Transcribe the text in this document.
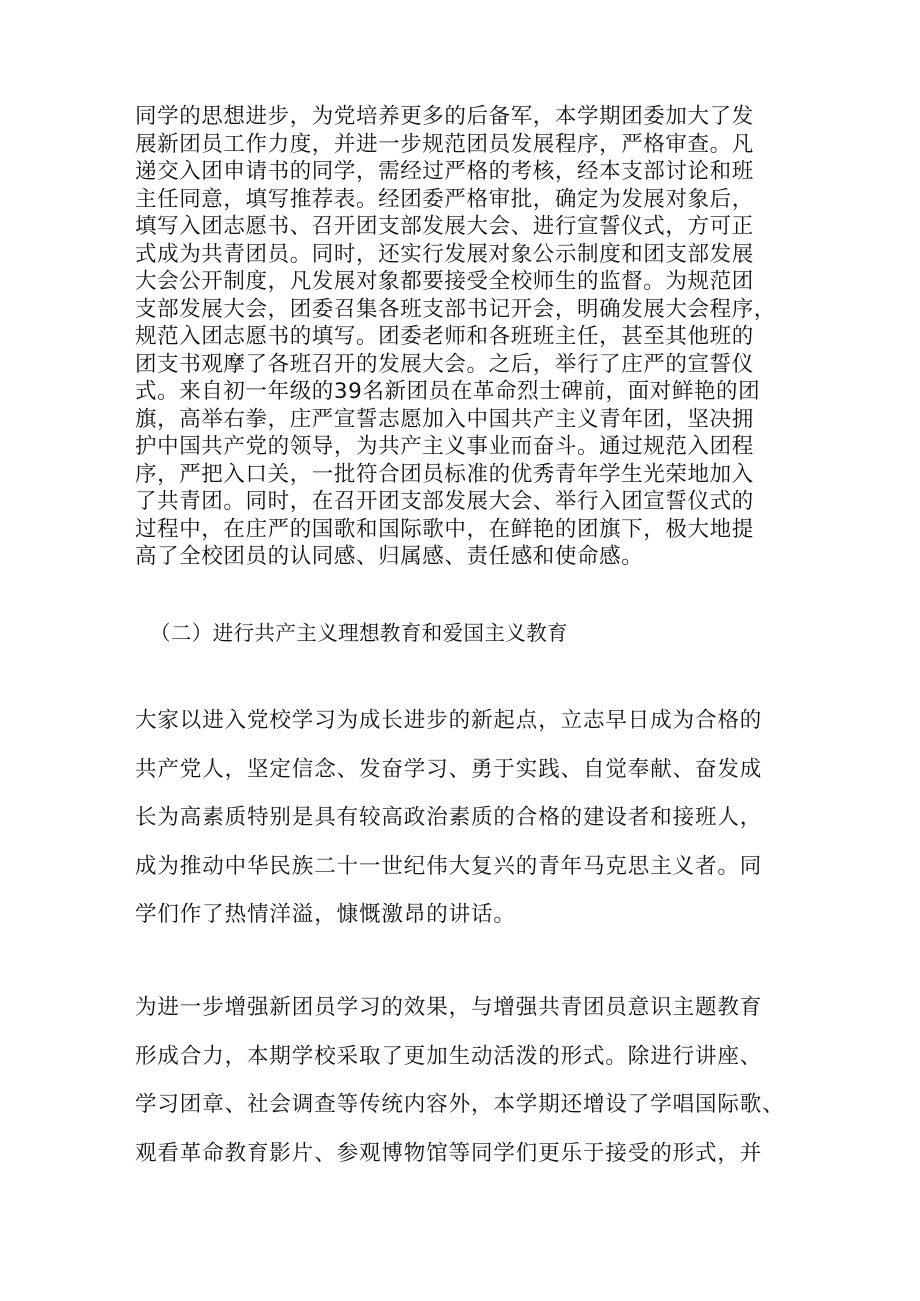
同学的思想进步，为党培养更多的后备军，本学期团委加大了发
展新团员工作力度，并进一步规范团员发展程序，严格审查。凡
递交入团申请书的同学，需经过严格的考核，经本支部讨论和班
主任同意，填写推荐表。经团委严格审批，确定为发展对象后，
填写入团志愿书、召开团支部发展大会、进行宣誓仪式，方可正
式成为共青团员。同时，还实行发展对象公示制度和团支部发展
大会公开制度，凡发展对象都要接受全校师生的监督。为规范团
支部发展大会，团委召集各班支部书记开会，明确发展大会程序，
规范入团志愿书的填写。团委老师和各班班主任，甚至其他班的
团支书观摩了各班召开的发展大会。之后，举行了庄严的宣誓仪
式。来自初一年级的39名新团员在革命烈士碑前，面对鲜艳的团
旗，高举右拳，庄严宣誓志愿加入中国共产主义青年团，坚决拥
护中国共产党的领导，为共产主义事业而奋斗。通过规范入团程
序，严把入口关，一批符合团员标准的优秀青年学生光荣地加入
了共青团。同时，在召开团支部发展大会、举行入团宣誓仪式的
过程中，在庄严的国歌和国际歌中，在鲜艳的团旗下，极大地提
高了全校团员的认同感、归属感、责任感和使命感。
（二）进行共产主义理想教育和爱国主义教育
大家以进入党校学习为成长进步的新起点，立志早日成为合格的
共产党人，坚定信念、发奋学习、勇于实践、自觉奉献、奋发成
长为高素质特别是具有较高政治素质的合格的建设者和接班人，
成为推动中华民族二十一世纪伟大复兴的青年马克思主义者。同
学们作了热情洋溢，慷慨激昂的讲话。
为进一步增强新团员学习的效果，与增强共青团员意识主题教育
形成合力，本期学校采取了更加生动活泼的形式。除进行讲座、
学习团章、社会调查等传统内容外，本学期还增设了学唱国际歌、
观看革命教育影片、参观博物馆等同学们更乐于接受的形式，并
